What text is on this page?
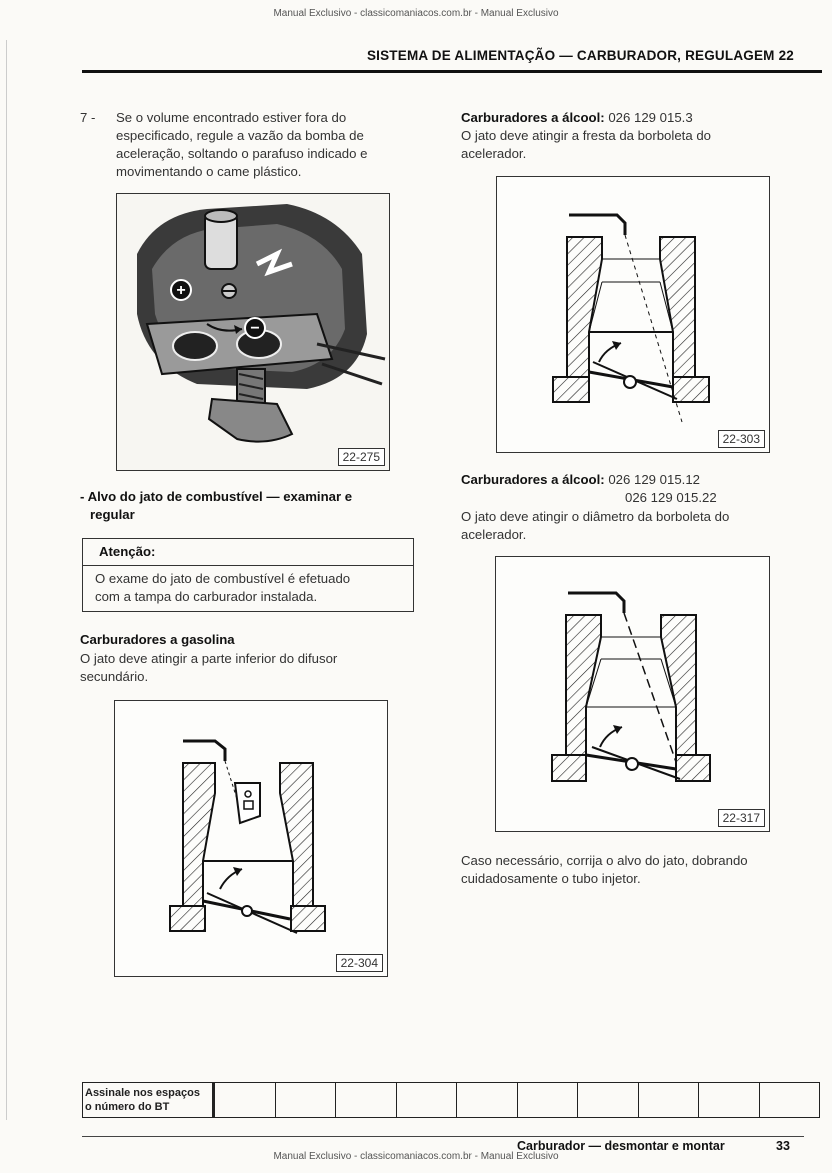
Manual Exclusivo - classicomaniacos.com.br - Manual Exclusivo
SISTEMA DE ALIMENTAÇÃO — CARBURADOR, REGULAGEM 22
7 - Se o volume encontrado estiver fora do
especificado, regule a vazão da bomba de
aceleração, soltando o parafuso indicado e
movimentando o came plástico.
+
−
22-275
- Alvo do jato de combustível — examinar e
regular
Atenção:
O exame do jato de combustível é efetuado
com a tampa do carburador instalada.
Carburadores a gasolina
O jato deve atingir a parte inferior do difusor
secundário.
22-304
Carburadores a álcool: 026 129 015.3
O jato deve atingir a fresta da borboleta do
acelerador.
22-303
Carburadores a álcool: 026 129 015.12
026 129 015.22
O jato deve atingir o diâmetro da borboleta do
acelerador.
22-317
Caso necessário, corrija o alvo do jato, dobrando
cuidadosamente o tubo injetor.
Assinale nos espaços
o número do BT
Carburador — desmontar e montar	33
Manual Exclusivo - classicomaniacos.com.br - Manual Exclusivo
